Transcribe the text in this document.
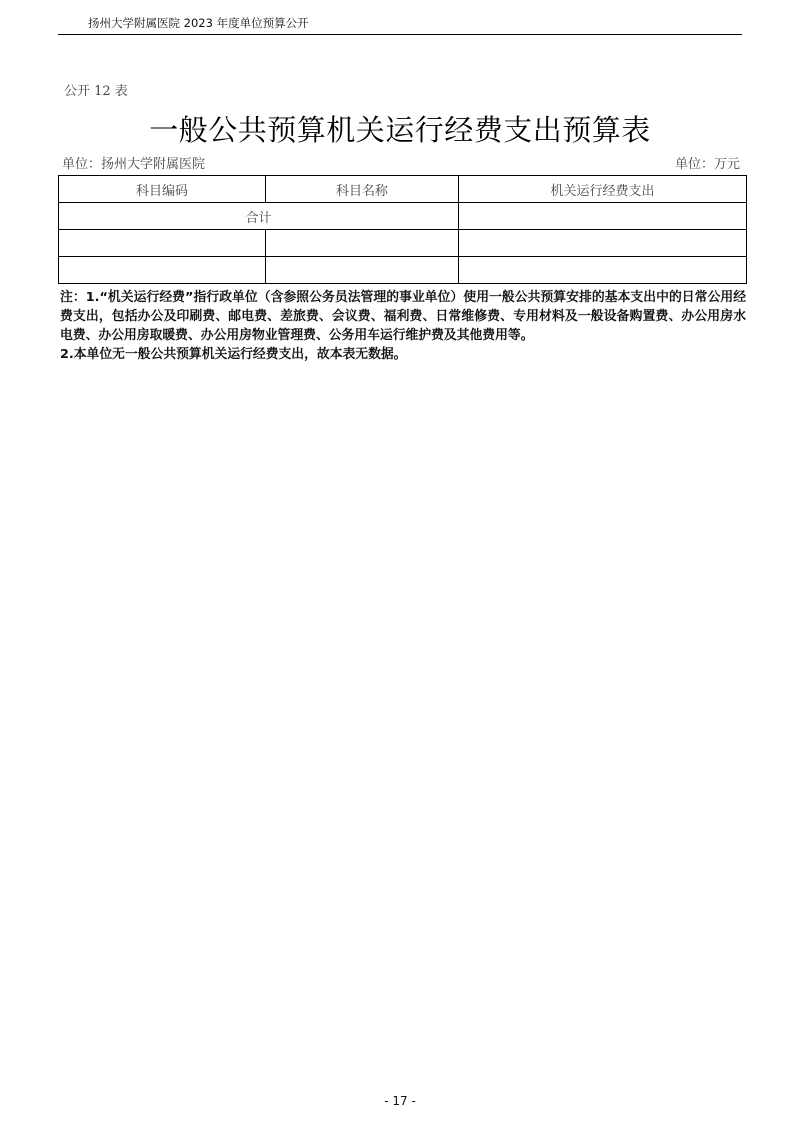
扬州大学附属医院 2023 年度单位预算公开
公开 12 表
一般公共预算机关运行经费支出预算表
单位：扬州大学附属医院	单位：万元
科目编码	科目名称	机关运行经费支出
合计		

注：1.“机关运行经费”指行政单位（含参照公务员法管理的事业单位）使用一般公共预算安排的基本支出中的日常公用经费支出，包括办公及印刷费、邮电费、差旅费、会议费、福利费、日常维修费、专用材料及一般设备购置费、办公用房水电费、办公用房取暖费、办公用房物业管理费、公务用车运行维护费及其他费用等。

2.本单位无一般公共预算机关运行经费支出，故本表无数据。

- 17 -
